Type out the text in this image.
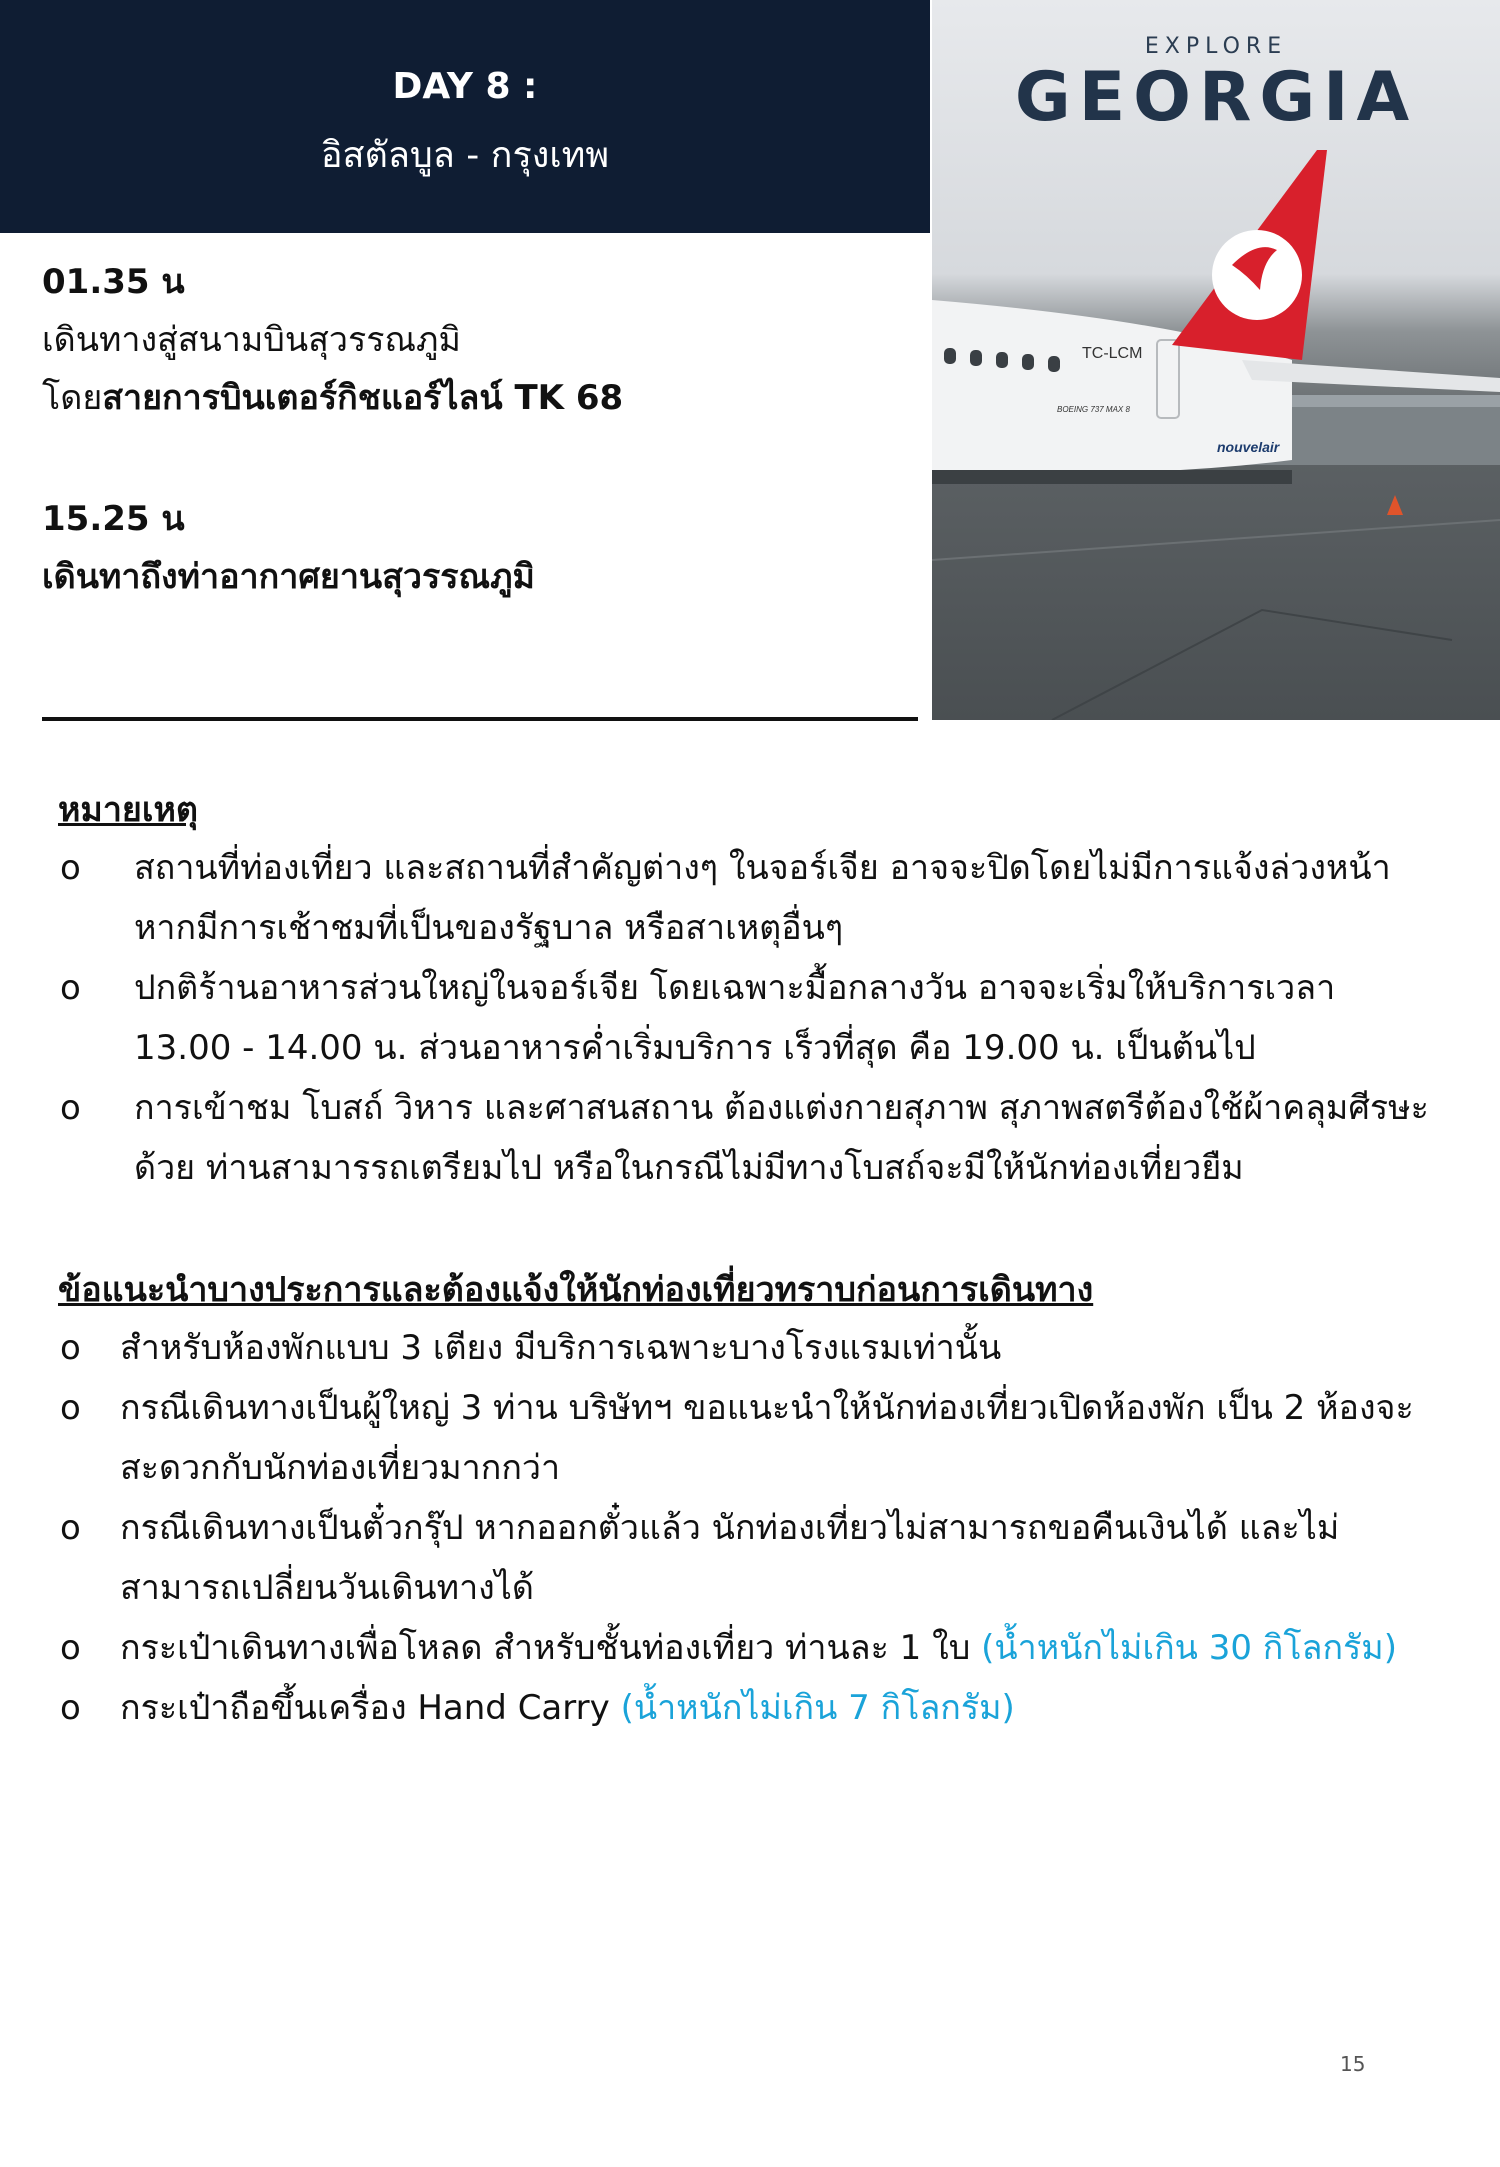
DAY 8 :
อิสตัลบูล - กรุงเทพ
TC-LCM
BOEING 737 MAX 8
nouvelair
EXPLORE
GEORGIA
01.35 น
เดินทางสู่สนามบินสุวรรณภูมิ
โดยสายการบินเตอร์กิชแอร์ไลน์ TK 68
15.25 น
เดินทาถึงท่าอากาศยานสุวรรณภูมิ
หมายเหตุ
o สถานที่ท่องเที่ยว และสถานที่สำคัญต่างๆ ในจอร์เจีย อาจจะปิดโดยไม่มีการแจ้งล่วงหน้าหากมีการเช้าชมที่เป็นของรัฐบาล หรือสาเหตุอื่นๆ
o ปกติร้านอาหารส่วนใหญ่ในจอร์เจีย โดยเฉพาะมื้อกลางวัน อาจจะเริ่มให้บริการเวลา 13.00 - 14.00 น. ส่วนอาหารค่ำเริ่มบริการ เร็วที่สุด คือ 19.00 น. เป็นต้นไป
o การเข้าชม โบสถ์ วิหาร และศาสนสถาน ต้องแต่งกายสุภาพ สุภาพสตรีต้องใช้ผ้าคลุมศีรษะด้วย ท่านสามารรถเตรียมไป หรือในกรณีไม่มีทางโบสถ์จะมีให้นักท่องเที่ยวยืม
ข้อแนะนำบางประการและต้องแจ้งให้นักท่องเที่ยวทราบก่อนการเดินทาง
o สำหรับห้องพักแบบ 3 เตียง มีบริการเฉพาะบางโรงแรมเท่านั้น
o กรณีเดินทางเป็นผู้ใหญ่ 3 ท่าน บริษัทฯ ขอแนะนำให้นักท่องเที่ยวเปิดห้องพัก เป็น 2 ห้องจะสะดวกกับนักท่องเที่ยวมากกว่า
o กรณีเดินทางเป็นตั๋วกรุ๊ป หากออกตั๋วแล้ว นักท่องเที่ยวไม่สามารถขอคืนเงินได้ และไม่สามารถเปลี่ยนวันเดินทางได้
o กระเป๋าเดินทางเพื่อโหลด สำหรับชั้นท่องเที่ยว ท่านละ 1 ใบ (น้ำหนักไม่เกิน 30 กิโลกรัม)
o กระเป๋าถือขึ้นเครื่อง Hand Carry (น้ำหนักไม่เกิน 7 กิโลกรัม)
15
